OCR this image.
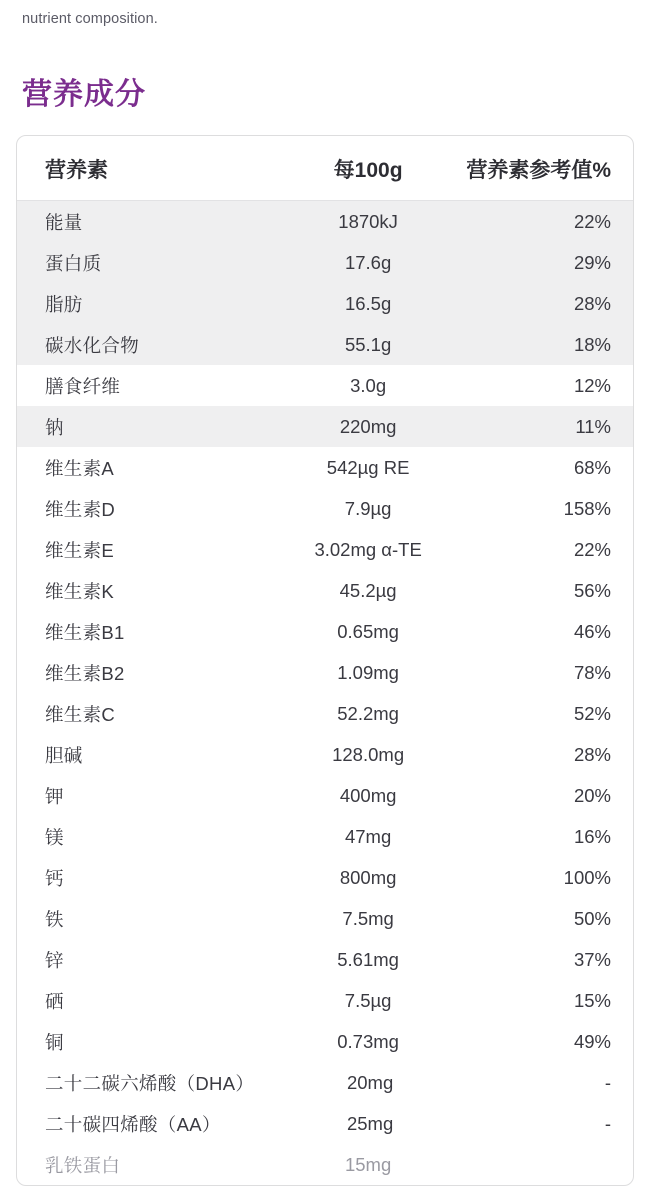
nutrient composition.
营养成分
营养素	每100g	营养素参考值%
能量	1870kJ	22%
蛋白质	17.6g	29%
脂肪	16.5g	28%
碳水化合物	55.1g	18%
膳食纤维	3.0g	12%
钠	220mg	11%
维生素A	542µg RE	68%
维生素D	7.9µg	158%
维生素E	3.02mg α-TE	22%
维生素K	45.2µg	56%
维生素B1	0.65mg	46%
维生素B2	1.09mg	78%
维生素C	52.2mg	52%
胆碱	128.0mg	28%
钾	400mg	20%
镁	47mg	16%
钙	800mg	100%
铁	7.5mg	50%
锌	5.61mg	37%
硒	7.5µg	15%
铜	0.73mg	49%
二十二碳六烯酸（DHA）	20mg	-
二十碳四烯酸（AA）	25mg	-
乳铁蛋白	15mg	
